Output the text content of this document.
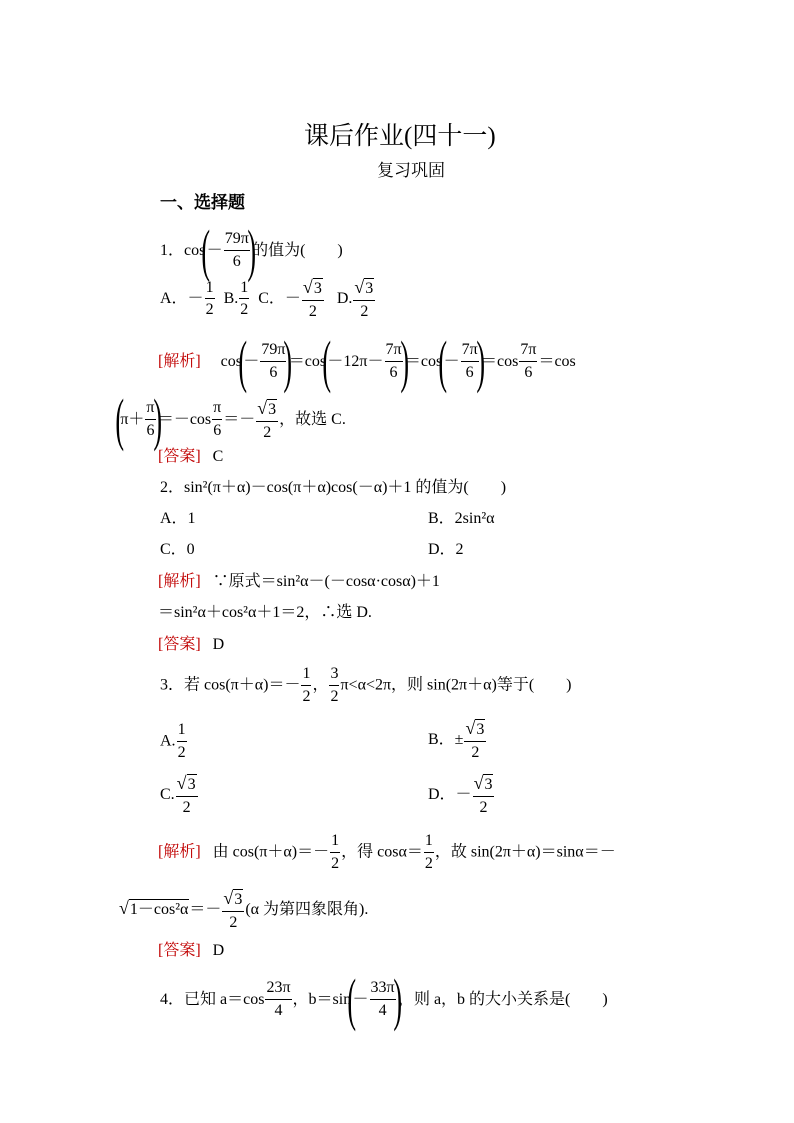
课后作业(四十一)
复习巩固
一、选择题
1．$\cos(- \frac{79\pi}{6}$
)的值为(　　)
A．－ $\frac{1}{2} B$. $\frac{1}{2}$ C．－ $\frac{√3}{2} D$. $\frac{√3}{2}$
[解析] $\cos(- \frac{79\pi}{6}$
)$=\cos(-12\pi- \frac{7\pi}{6}$
)$=\cos(- \frac{7\pi}{6}$
)$=\cos \frac{7\pi}{6} =\cos$
($\pi+ \frac{\pi}{6}$
)$=-\cos \frac{\pi}{6} =- \frac{√3}{2}$ ，故选 C.
[答案] C
2．sin²(π＋α)－cos(π＋α)cos(－α)＋1 的值为(　　)
A．1	B．2sin²α
C．0	D．2
[解析] ∵原式＝sin²α－(－cosα·cosα)＋1
＝sin²α＋cos²α＋1＝2，∴选 D.
[答案] D
3．若 $\cos(\pi+\alpha)=- \frac{1}{2}$ ， $\frac{3}{2} \pi<\alpha<2\pi$，则 sin(2π＋α)等于(　　)
A. $\frac{1}{2}$	B．± $\frac{√3}{2}$
C. $\frac{√3}{2}$	D．－ $\frac{√3}{2}$
[解析] 由 $\cos(\pi+\alpha)=- \frac{1}{2}$ ，得 $\cos\alpha= \frac{1}{2}$ ，故 sin(2π＋α)＝sinα＝－
$√1-\cos^2\alpha=- \frac{√3}{2} (\alpha$ 为第四象限角).
[答案] D
4．已知 $a=\cos \frac{23\pi}{4}$ ，$b=\sin(- \frac{33\pi}{4}$
)，则 a，b 的大小关系是(　　)
